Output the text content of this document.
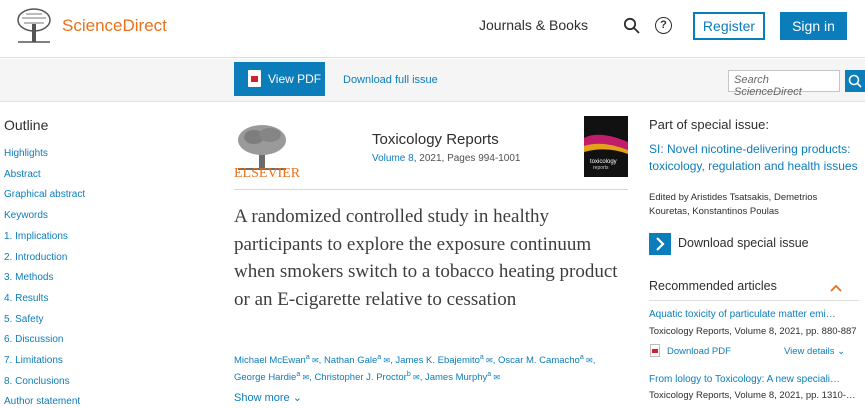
ScienceDirect	Journals & Books	?	Register	Sign in
View PDF Download full issue	Search ScienceDirect
Outline
Highlights
Abstract
Graphical abstract
Keywords
1. Implications
2. Introduction
3. Methods
4. Results
5. Safety
6. Discussion
7. Limitations
8. Conclusions
Author statement
ELSEVIER
Toxicology Reports
Volume 8, 2021, Pages 994-1001	toxicology
reports
A randomized controlled study in healthy participants to explore the exposure continuum when smokers switch to a tobacco heating product or an E-cigarette relative to cessation
Michael McEwan$^a$ ✉, Nathan Gale$^a$ ✉, James K. Ebajemito$^a$ ✉, Oscar M. Camacho$^a$ ✉, George Hardie$^a$ ✉, Christopher J. Proctor$^b$ ✉, James Murphy$^a$ ✉
Show more ⌄
Part of special issue:
SI: Novel nicotine-delivering products: toxicology, regulation and health issues
Edited by Aristides Tsatsakis, Demetrios Kouretas, Konstantinos Poulas
Download special issue
Recommended articles
Aquatic toxicity of particulate matter emi…
Toxicology Reports, Volume 8, 2021, pp. 880-887
Download PDF	View details ⌄
From lology to Toxicology: A new speciali…
Toxicology Reports, Volume 8, 2021, pp. 1310-…
